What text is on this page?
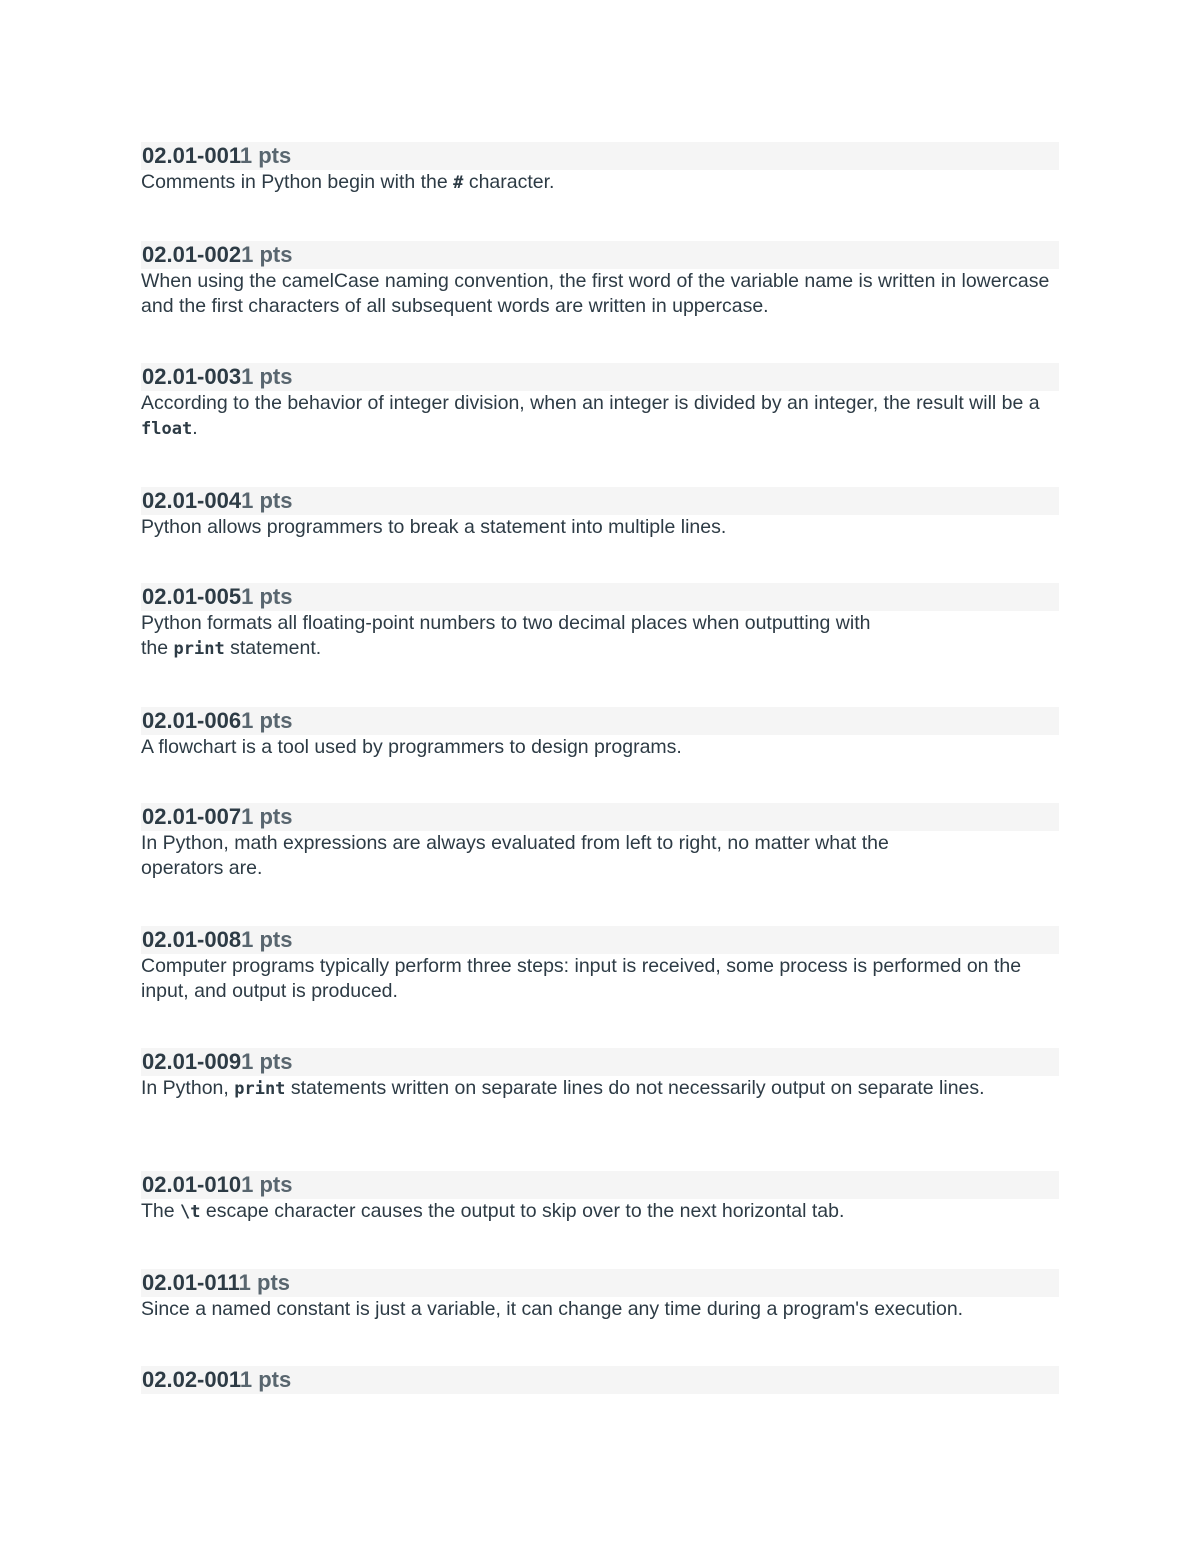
02.01-0011 pts
Comments in Python begin with the # character.
02.01-0021 pts
When using the camelCase naming convention, the first word of the variable name is written in lowercase and the first characters of all subsequent words are written in uppercase.
02.01-0031 pts
According to the behavior of integer division, when an integer is divided by an integer, the result will be a float.
02.01-0041 pts
Python allows programmers to break a statement into multiple lines.
02.01-0051 pts
Python formats all floating-point numbers to two decimal places when outputting with
the print statement.
02.01-0061 pts
A flowchart is a tool used by programmers to design programs.
02.01-0071 pts
In Python, math expressions are always evaluated from left to right, no matter what the
operators are.
02.01-0081 pts
Computer programs typically perform three steps: input is received, some process is performed on the input, and output is produced.
02.01-0091 pts
In Python, print statements written on separate lines do not necessarily output on separate lines.
02.01-0101 pts
The \t escape character causes the output to skip over to the next horizontal tab.
02.01-0111 pts
Since a named constant is just a variable, it can change any time during a program's execution.
02.02-0011 pts
